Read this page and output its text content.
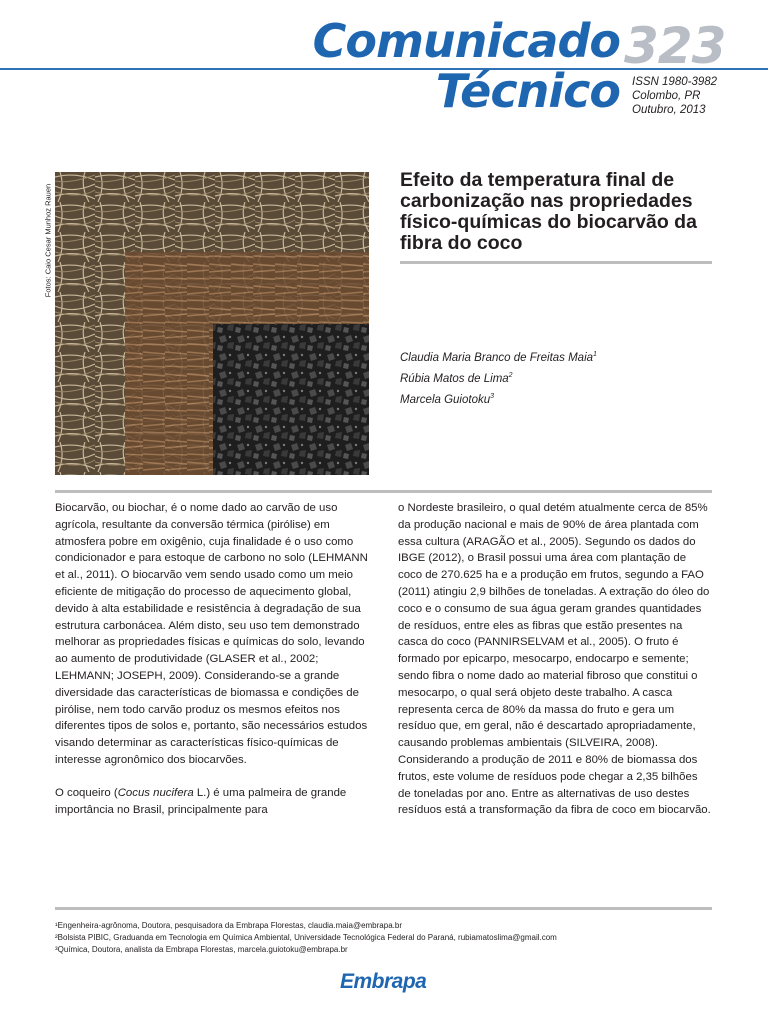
Comunicado
Técnico
323
ISSN 1980-3982
Colombo, PR
Outubro, 2013
Fotos: Caio Cesar Munhoz Rauen
Efeito da temperatura final de carbonização nas propriedades físico-químicas do biocarvão da fibra do coco
Claudia Maria Branco de Freitas Maia$^1$
Rúbia Matos de Lima$^2$
Marcela Guiotoku$^3$

Biocarvão, ou biochar, é o nome dado ao carvão de uso agrícola, resultante da conversão térmica (pirólise) em atmosfera pobre em oxigênio, cuja finalidade é o uso como condicionador e para estoque de carbono no solo (LEHMANN et al., 2011). O biocarvão vem sendo usado como um meio eficiente de mitigação do processo de aquecimento global, devido à alta estabilidade e resistência à degradação de sua estrutura carbonácea. Além disto, seu uso tem demonstrado melhorar as propriedades físicas e químicas do solo, levando ao aumento de produtividade (GLASER et al., 2002; LEHMANN; JOSEPH, 2009). Considerando-se a grande diversidade das características de biomassa e condições de pirólise, nem todo carvão produz os mesmos efeitos nos diferentes tipos de solos e, portanto, são necessários estudos visando determinar as características físico-químicas de interesse agronômico dos biocarvões.

O coqueiro (Cocus nucifera L.) é uma palmeira de grande importância no Brasil, principalmente para

o Nordeste brasileiro, o qual detém atualmente cerca de 85% da produção nacional e mais de 90% de área plantada com essa cultura (ARAGÃO et al., 2005). Segundo os dados do IBGE (2012), o Brasil possui uma área com plantação de coco de 270.625 ha e a produção em frutos, segundo a FAO (2011) atingiu 2,9 bilhões de toneladas. A extração do óleo do coco e o consumo de sua água geram grandes quantidades de resíduos, entre eles as fibras que estão presentes na casca do coco (PANNIRSELVAM et al., 2005). O fruto é formado por epicarpo, mesocarpo, endocarpo e semente; sendo fibra o nome dado ao material fibroso que constitui o mesocarpo, o qual será objeto deste trabalho. A casca representa cerca de 80% da massa do fruto e gera um resíduo que, em geral, não é descartado apropriadamente, causando problemas ambientais (SILVEIRA, 2008). Considerando a produção de 2011 e 80% de biomassa dos frutos, este volume de resíduos pode chegar a 2,35 bilhões de toneladas por ano. Entre as alternativas de uso destes resíduos está a transformação da fibra de coco em biocarvão.

¹Engenheira-agrônoma, Doutora, pesquisadora da Embrapa Florestas, claudia.maia@embrapa.br
²Bolsista PIBIC, Graduanda em Tecnologia em Química Ambiental, Universidade Tecnológica Federal do Paraná, rubiamatoslima@gmail.com
³Química, Doutora, analista da Embrapa Florestas, marcela.guiotoku@embrapa.br
Embrapa
